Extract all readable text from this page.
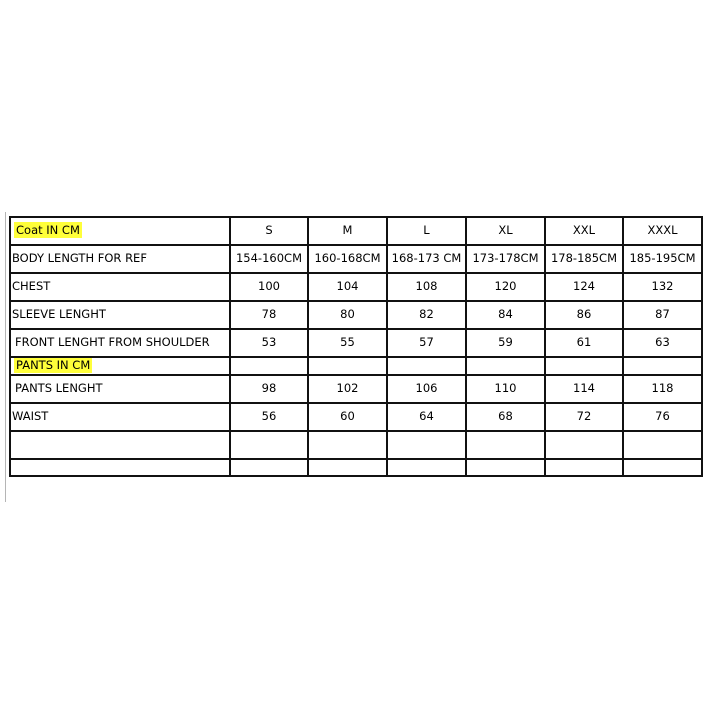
Coat IN CM	S	M	L	XL	XXL	XXXL
BODY LENGTH FOR REF	154-160CM	160-168CM	168-173 CM	173-178CM	178-185CM	185-195CM
CHEST	100	104	108	120	124	132
SLEEVE LENGHT	78	80	82	84	86	87
FRONT LENGHT FROM SHOULDER	53	55	57	59	61	63
PANTS IN CM						
PANTS LENGHT	98	102	106	110	114	118
WAIST	56	60	64	68	72	76
